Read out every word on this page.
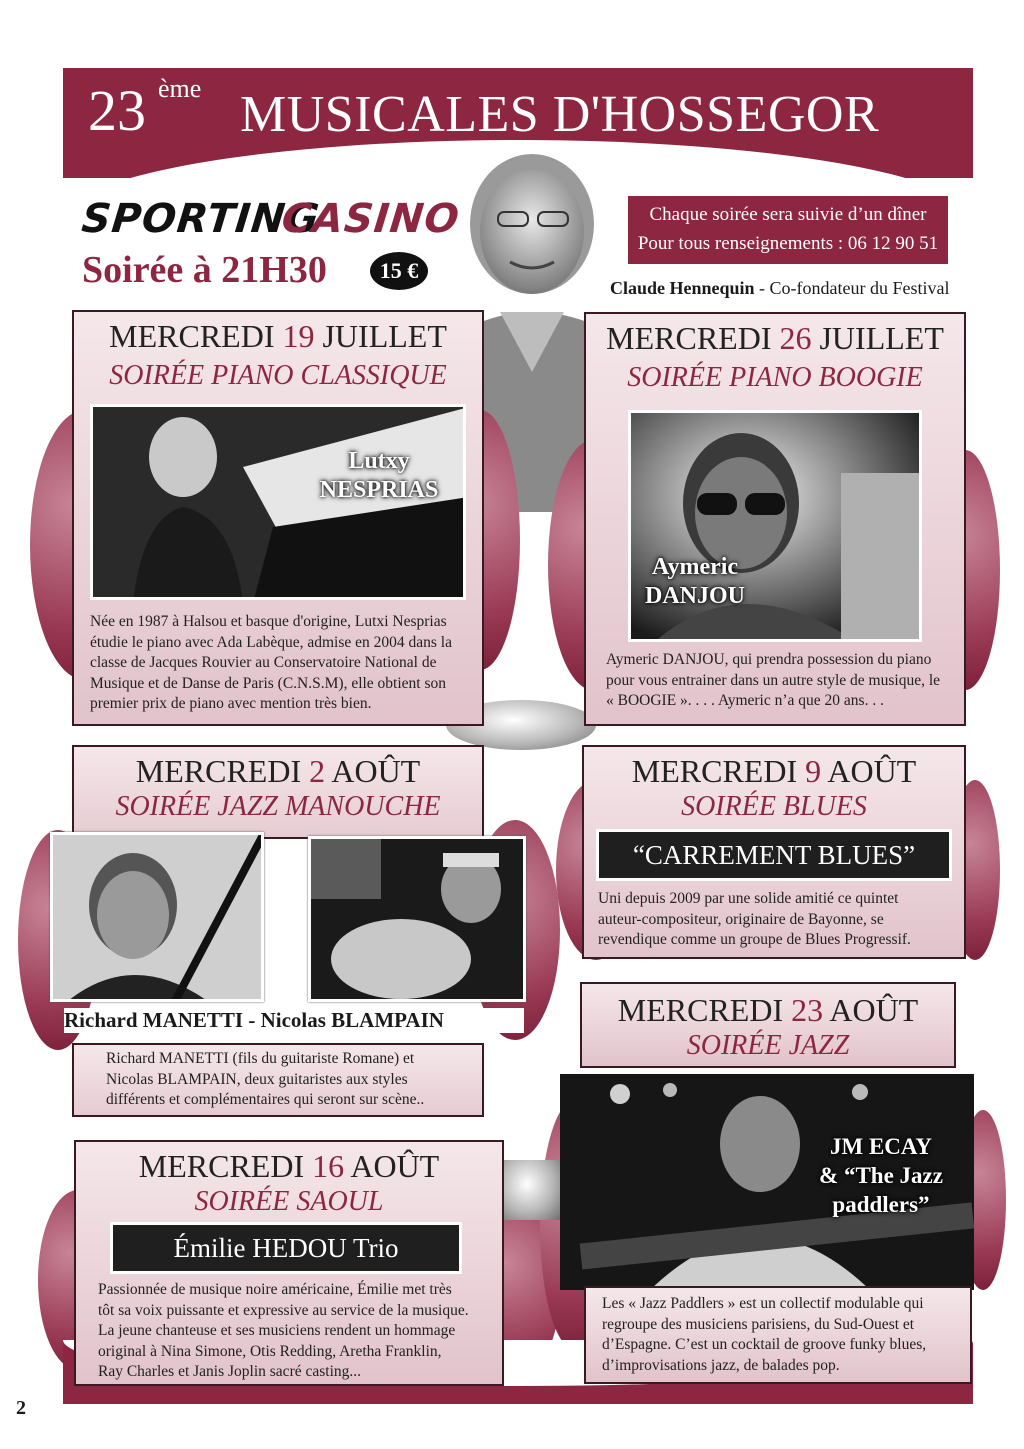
23 ème MUSICALES D'HOSSEGOR
SPORTING
CASINO
Soirée à 21H30	15 €
Chaque soirée sera suivie d’un dîner
Pour tous renseignements : 06 12 90 51 94
Claude Hennequin - Co-fondateur du Festival
2
MERCREDI 19 JUILLET
SOIRÉE PIANO CLASSIQUE
Lutxy
NESPRIAS
Née en 1987 à Halsou et basque d'origine, Lutxi Nesprias
étudie le piano avec Ada Labèque, admise en 2004 dans la
classe de Jacques Rouvier au Conservatoire National de
Musique et de Danse de Paris (C.N.S.M), elle obtient son
premier prix de piano avec mention très bien.
MERCREDI 26 JUILLET
SOIRÉE PIANO BOOGIE
Aymeric
DANJOU
Aymeric DANJOU, qui prendra possession du piano
pour vous entrainer dans un autre style de musique, le
« BOOGIE ». . . . Aymeric n’a que 20 ans. . .
MERCREDI 2 AOÛT
SOIRÉE JAZZ MANOUCHE
Richard MANETTI (fils du guitariste Romane) et
Nicolas BLAMPAIN, deux guitaristes aux styles
différents et complémentaires qui seront sur scène..
Richard MANETTI - Nicolas BLAMPAIN
MERCREDI 9 AOÛT
SOIRÉE BLUES
“CARREMENT BLUES”
Uni depuis 2009 par une solide amitié ce quintet
auteur-compositeur, originaire de Bayonne, se
revendique comme un groupe de Blues Progressif.
MERCREDI 23 AOÛT
SOIRÉE JAZZ
JM ECAY
& “The Jazz
paddlers”
Les « Jazz Paddlers » est un collectif modulable qui
regroupe des musiciens parisiens, du Sud-Ouest et
d’Espagne. C’est un cocktail de groove funky blues,
d’improvisations jazz, de balades pop.
MERCREDI 16 AOÛT
SOIRÉE SAOUL
Émilie HEDOU Trio
Passionnée de musique noire américaine, Émilie met très
tôt sa voix puissante et expressive au service de la musique.
La jeune chanteuse et ses musiciens rendent un hommage
original à Nina Simone, Otis Redding, Aretha Franklin,
Ray Charles et Janis Joplin sacré casting...
